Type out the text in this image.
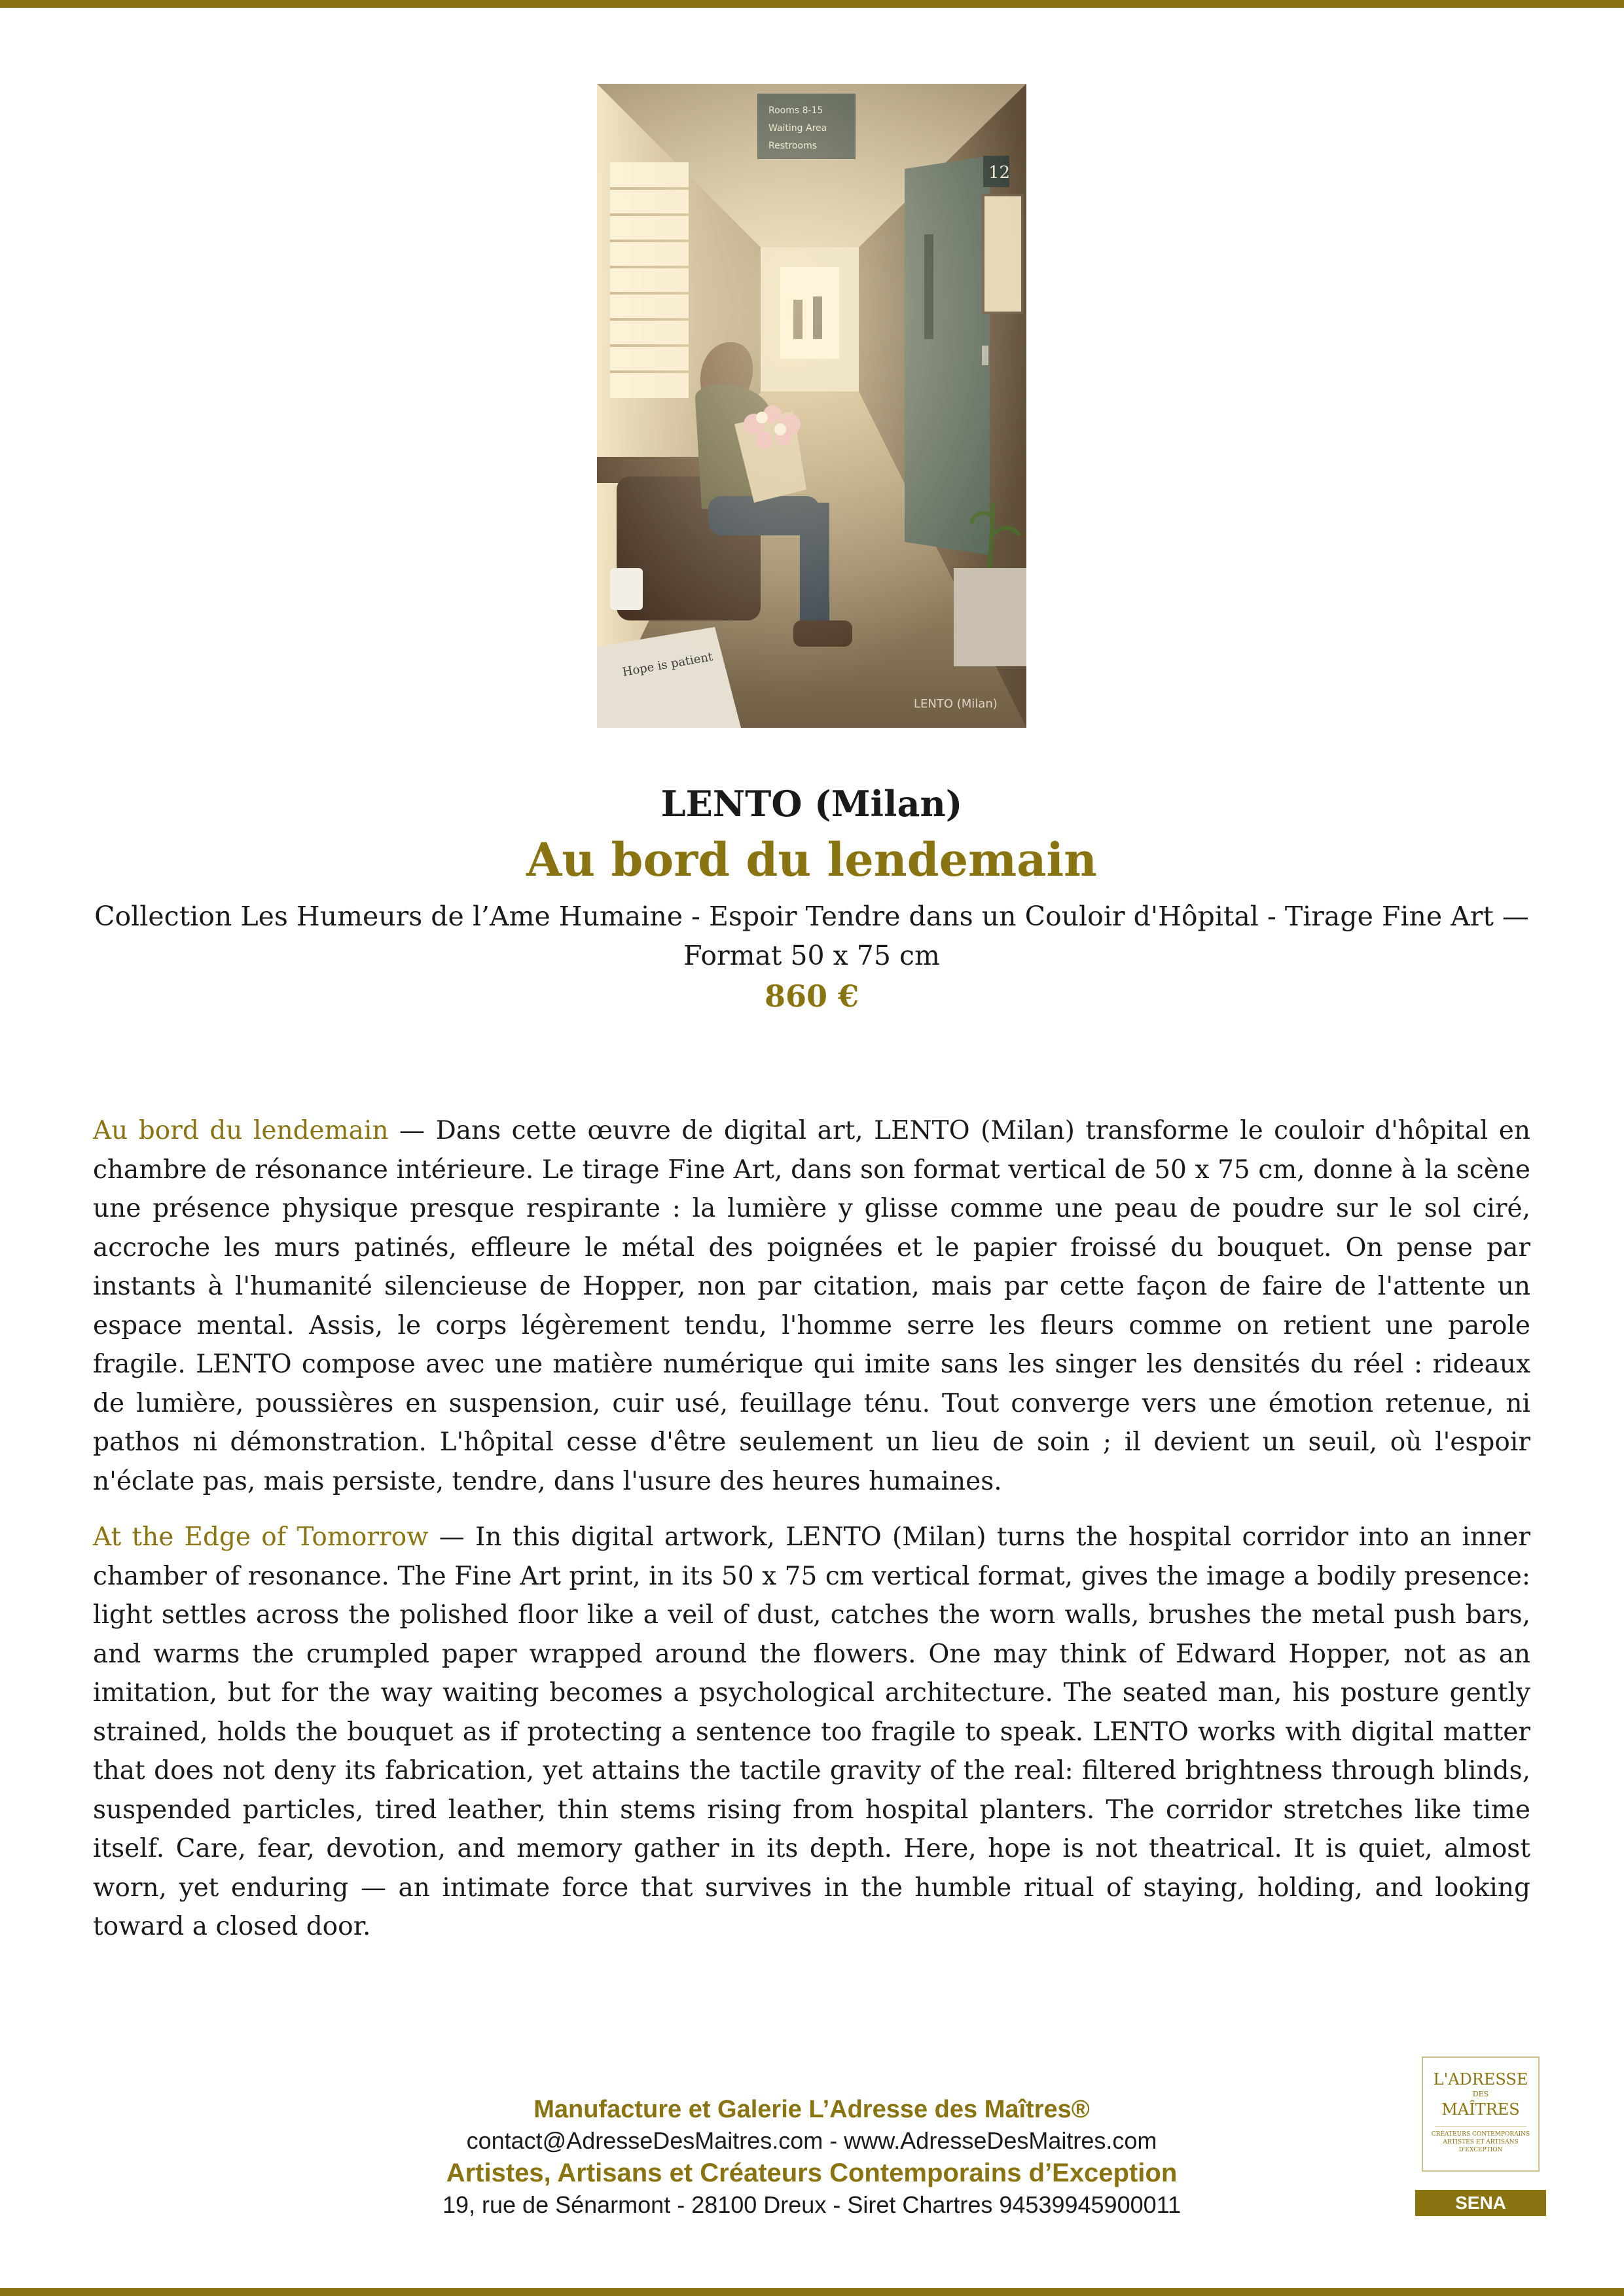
LENTO (Milan)
LENTO (Milan)
Au bord du lendemain
Collection Les Humeurs de l’Ame Humaine - Espoir Tendre dans un Couloir d'Hôpital - Tirage Fine Art — Format 50 x 75 cm
860 €

Au bord du lendemain — Dans cette œuvre de digital art, LENTO (Milan) transforme le couloir d'hôpital en chambre de résonance intérieure. Le tirage Fine Art, dans son format vertical de 50 x 75 cm, donne à la scène une présence physique presque respirante : la lumière y glisse comme une peau de poudre sur le sol ciré, accroche les murs patinés, effleure le métal des poignées et le papier froissé du bouquet. On pense par instants à l'humanité silencieuse de Hopper, non par citation, mais par cette façon de faire de l'attente un espace mental. Assis, le corps légèrement tendu, l'homme serre les fleurs comme on retient une parole fragile. LENTO compose avec une matière numérique qui imite sans les singer les densités du réel : rideaux de lumière, poussières en suspension, cuir usé, feuillage ténu. Tout converge vers une émotion retenue, ni pathos ni démonstration. L'hôpital cesse d'être seulement un lieu de soin ; il devient un seuil, où l'espoir n'éclate pas, mais persiste, tendre, dans l'usure des heures humaines.

At the Edge of Tomorrow — In this digital artwork, LENTO (Milan) turns the hospital corridor into an inner chamber of resonance. The Fine Art print, in its 50 x 75 cm vertical format, gives the image a bodily presence: light settles across the polished floor like a veil of dust, catches the worn walls, brushes the metal push bars, and warms the crumpled paper wrapped around the flowers. One may think of Edward Hopper, not as an imitation, but for the way waiting becomes a psychological architecture. The seated man, his posture gently strained, holds the bouquet as if protecting a sentence too fragile to speak. LENTO works with digital matter that does not deny its fabrication, yet attains the tactile gravity of the real: filtered brightness through blinds, suspended particles, tired leather, thin stems rising from hospital planters. The corridor stretches like time itself. Care, fear, devotion, and memory gather in its depth. Here, hope is not theatrical. It is quiet, almost worn, yet enduring — an intimate force that survives in the humble ritual of staying, holding, and looking toward a closed door.

Manufacture et Galerie L’Adresse des Maîtres®
contact@AdresseDesMaitres.com - www.AdresseDesMaitres.com
Artistes, Artisans et Créateurs Contemporains d’Exception
19, rue de Sénarmont - 28100 Dreux - Siret Chartres 94539945900011
L'ADRESSE
DES
MAÎTRES
CRÉATEURS CONTEMPORAINS ARTISTES ET ARTISANS D'EXCEPTION
SENA
